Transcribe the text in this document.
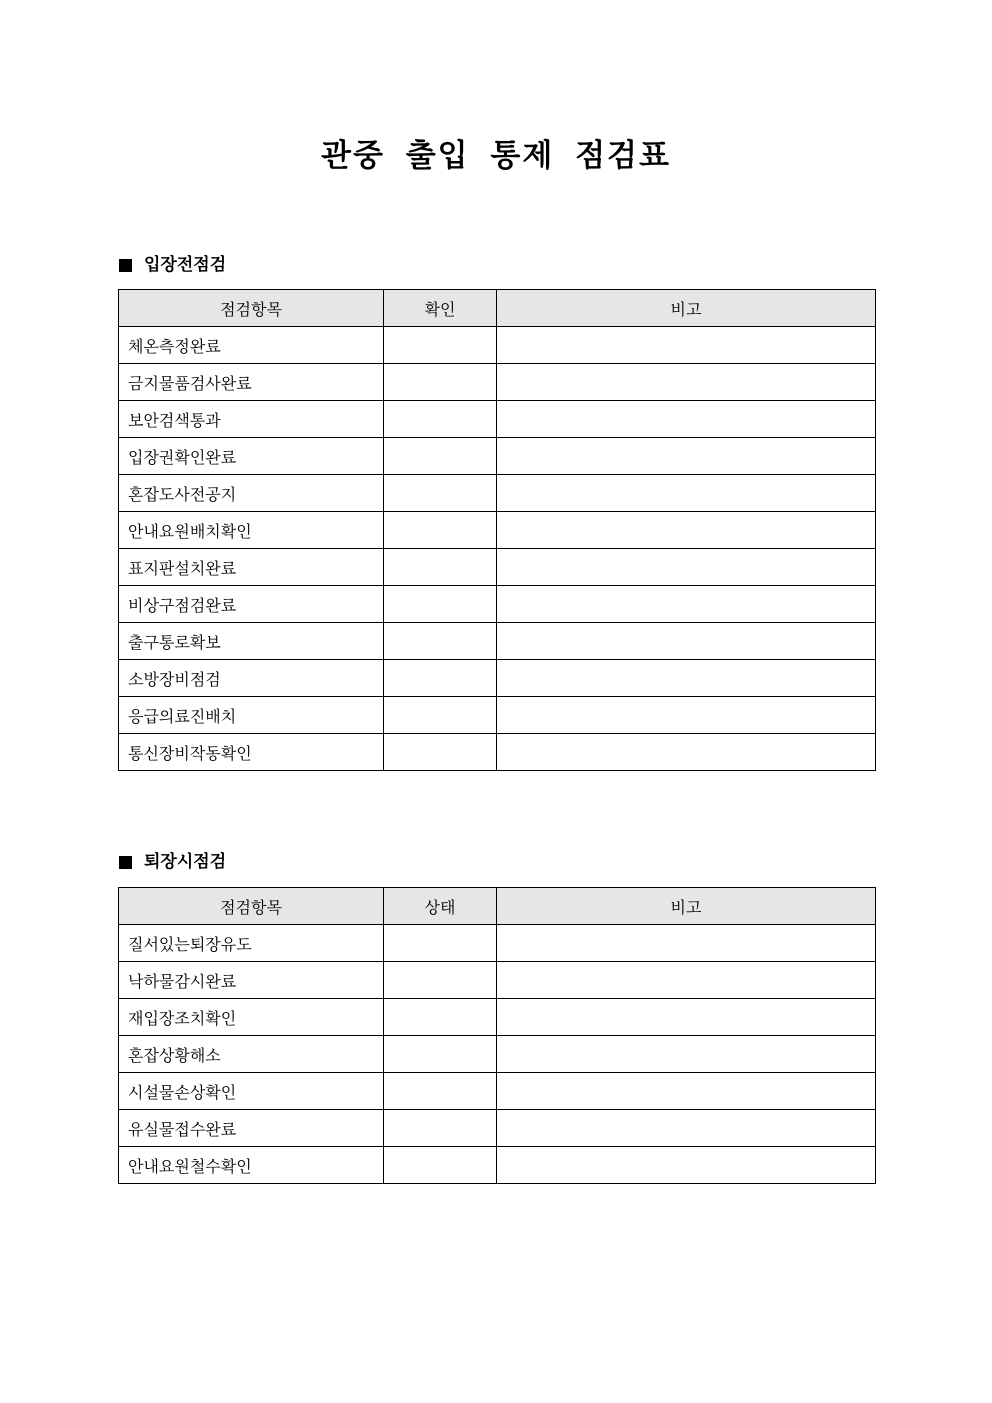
관중 출입 통제 점검표
입장전점검
점검항목	확인	비고
체온측정완료		
금지물품검사완료		
보안검색통과		
입장권확인완료		
혼잡도사전공지		
안내요원배치확인		
표지판설치완료		
비상구점검완료		
출구통로확보		
소방장비점검		
응급의료진배치		
통신장비작동확인		
퇴장시점검
점검항목	상태	비고
질서있는퇴장유도		
낙하물감시완료		
재입장조치확인		
혼잡상황해소		
시설물손상확인		
유실물접수완료		
안내요원철수확인		
